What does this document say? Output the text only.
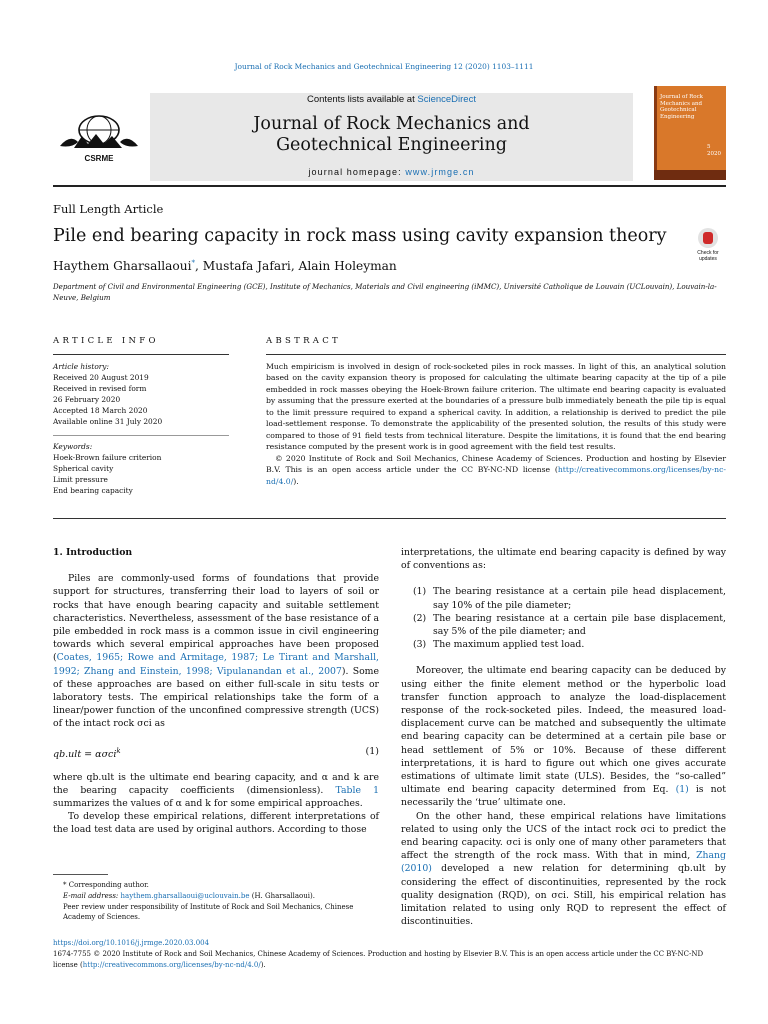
Journal of Rock Mechanics and Geotechnical Engineering 12 (2020) 1103–1111
CSRME
Contents lists available at ScienceDirect
Journal of Rock Mechanics and
Geotechnical Engineering
journal homepage: www.jrmge.cn
Journal of Rock Mechanics and Geotechnical Engineering
5
2020
Full Length Article
Pile end bearing capacity in rock mass using cavity expansion theory
Check for updates
Haythem Gharsallaoui*, Mustafa Jafari, Alain Holeyman
Department of Civil and Environmental Engineering (GCE), Institute of Mechanics, Materials and Civil engineering (iMMC), Université Catholique de Louvain (UCLouvain), Louvain-la-Neuve, Belgium
ARTICLE INFO
Article history:
Received 20 August 2019
Received in revised form
26 February 2020
Accepted 18 March 2020
Available online 31 July 2020
Keywords:
Hoek-Brown failure criterion
Spherical cavity
Limit pressure
End bearing capacity
ABSTRACT
Much empiricism is involved in design of rock-socketed piles in rock masses. In light of this, an analytical solution based on the cavity expansion theory is proposed for calculating the ultimate bearing capacity at the tip of a pile embedded in rock masses obeying the Hoek-Brown failure criterion. The ultimate end bearing capacity is evaluated by assuming that the pressure exerted at the boundaries of a pressure bulb immediately beneath the pile tip is equal to the limit pressure required to expand a spherical cavity. In addition, a relationship is derived to predict the pile load-settlement response. To demonstrate the applicability of the presented solution, the results of this study were compared to those of 91 field tests from technical literature. Despite the limitations, it is found that the end bearing resistance computed by the present work is in good agreement with the field test results.
© 2020 Institute of Rock and Soil Mechanics, Chinese Academy of Sciences. Production and hosting by Elsevier B.V. This is an open access article under the CC BY-NC-ND license (http://creativecommons.org/licenses/by-nc-nd/4.0/).

1. Introduction

Piles are commonly-used forms of foundations that provide support for structures, transferring their load to layers of soil or rocks that have enough bearing capacity and suitable settlement characteristics. Nevertheless, assessment of the base resistance of a pile embedded in rock mass is a common issue in civil engineering towards which several empirical approaches have been proposed (Coates, 1965; Rowe and Armitage, 1987; Le Tirant and Marshall, 1992; Zhang and Einstein, 1998; Vipulanandan et al., 2007). Some of these approaches are based on either full-scale in situ tests or laboratory tests. The empirical relationships take the form of a linear/power function of the unconfined compressive strength (UCS) of the intact rock σci as

qb.ult = ασci$^k$	(1)

where qb.ult is the ultimate end bearing capacity, and α and k are the bearing capacity coefficients (dimensionless). Table 1 summarizes the values of α and k for some empirical approaches.

To develop these empirical relations, different interpretations of the load test data are used by original authors. According to those

* Corresponding author.
E-mail address: haythem.gharsallaoui@uclouvain.be (H. Gharsallaoui).
Peer review under responsibility of Institute of Rock and Soil Mechanics, Chinese Academy of Sciences.

interpretations, the ultimate end bearing capacity is defined by way of conventions as:

(1) The bearing resistance at a certain pile head displacement, say 10% of the pile diameter;
(2) The bearing resistance at a certain pile base displacement, say 5% of the pile diameter; and
(3) The maximum applied test load.

Moreover, the ultimate end bearing capacity can be deduced by using either the finite element method or the hyperbolic load transfer function approach to analyze the load-displacement response of the rock-socketed piles. Indeed, the measured load-displacement curve can be matched and subsequently the ultimate end bearing capacity can be determined at a certain pile base or head settlement of 5% or 10%. Because of these different interpretations, it is hard to figure out which one gives accurate estimations of ultimate limit state (ULS). Besides, the “so-called” ultimate end bearing capacity determined from Eq. (1) is not necessarily the ‘true’ ultimate one.

On the other hand, these empirical relations have limitations related to using only the UCS of the intact rock σci to predict the end bearing capacity. σci is only one of many other parameters that affect the strength of the rock mass. With that in mind, Zhang (2010) developed a new relation for determining qb.ult by considering the effect of discontinuities, represented by the rock quality designation (RQD), on σci. Still, his empirical relation has limitation related to using only RQD to represent the effect of discontinuities.

https://doi.org/10.1016/j.jrmge.2020.03.004
1674-7755 © 2020 Institute of Rock and Soil Mechanics, Chinese Academy of Sciences. Production and hosting by Elsevier B.V. This is an open access article under the CC BY-NC-ND license (http://creativecommons.org/licenses/by-nc-nd/4.0/).
